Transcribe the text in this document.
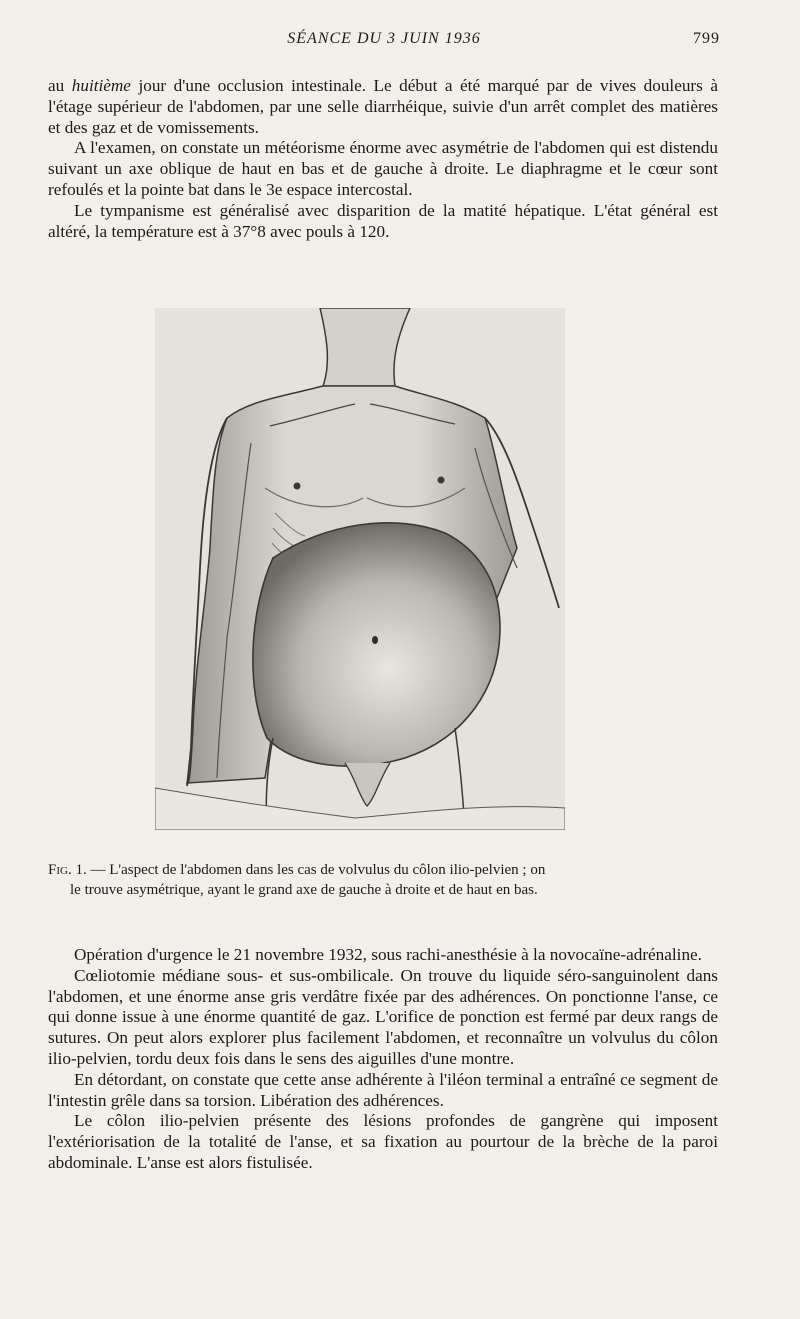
SÉANCE DU 3 JUIN 1936	799

au huitième jour d'une occlusion intestinale. Le début a été marqué par de vives douleurs à l'étage supérieur de l'abdomen, par une selle diarrhéique, suivie d'un arrêt complet des matières et des gaz et de vomissements.

A l'examen, on constate un météorisme énorme avec asymétrie de l'abdomen qui est distendu suivant un axe oblique de haut en bas et de gauche à droite. Le diaphragme et le cœur sont refoulés et la pointe bat dans le 3e espace intercostal.

Le tympanisme est généralisé avec disparition de la matité hépatique. L'état général est altéré, la température est à 37°8 avec pouls à 120.

Fig. 1. — L'aspect de l'abdomen dans les cas de volvulus du côlon ilio-pelvien ; on

le trouve asymétrique, ayant le grand axe de gauche à droite et de haut en bas.

Opération d'urgence le 21 novembre 1932, sous rachi-anesthésie à la novocaïne-adrénaline.

Cœliotomie médiane sous- et sus-ombilicale. On trouve du liquide séro-sanguinolent dans l'abdomen, et une énorme anse gris verdâtre fixée par des adhérences. On ponctionne l'anse, ce qui donne issue à une énorme quantité de gaz. L'orifice de ponction est fermé par deux rangs de sutures. On peut alors explorer plus facilement l'abdomen, et reconnaître un volvulus du côlon ilio-pelvien, tordu deux fois dans le sens des aiguilles d'une montre.

En détordant, on constate que cette anse adhérente à l'iléon terminal a entraîné ce segment de l'intestin grêle dans sa torsion. Libération des adhérences.

Le côlon ilio-pelvien présente des lésions profondes de gangrène qui imposent l'extériorisation de la totalité de l'anse, et sa fixation au pourtour de la brèche de la paroi abdominale. L'anse est alors fistulisée.
